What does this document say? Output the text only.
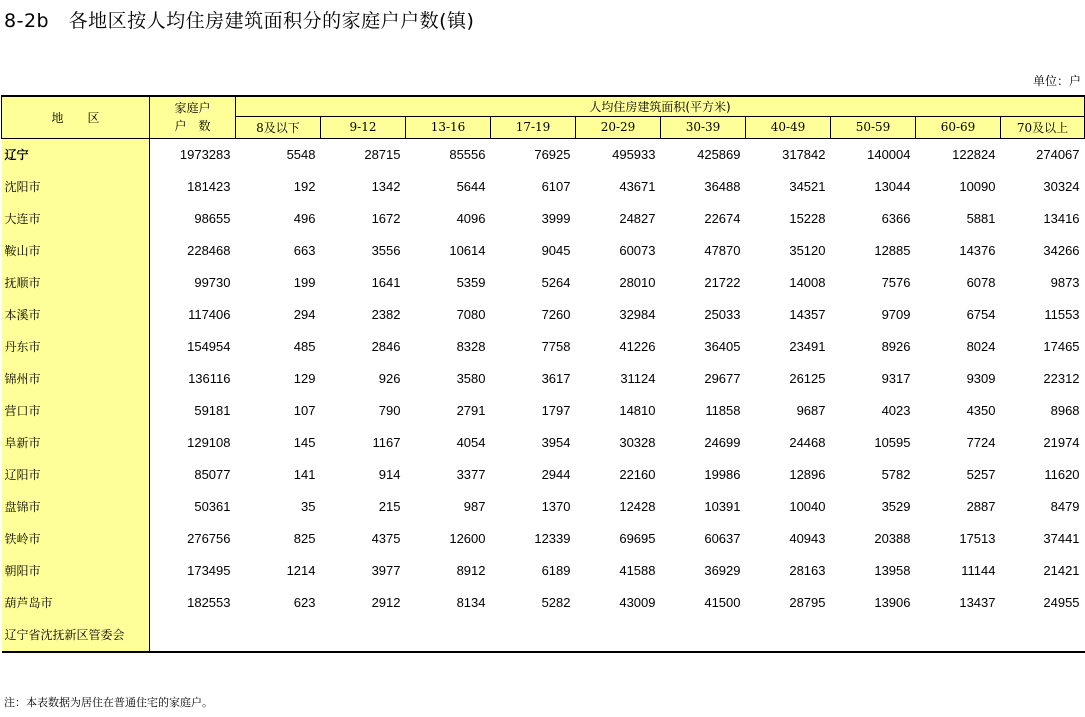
8-2b　各地区按人均住房建筑面积分的家庭户户数(镇)
单位：户
地　　区	家庭户
户　数	人均住房建筑面积(平方米)									
		8及以下	9-12	13-16	17-19	20-29	30-39	40-49	50-59	60-69	70及以上
辽宁	1973283	5548	28715	85556	76925	495933	425869	317842	140004	122824	274067
沈阳市	181423	192	1342	5644	6107	43671	36488	34521	13044	10090	30324
大连市	98655	496	1672	4096	3999	24827	22674	15228	6366	5881	13416
鞍山市	228468	663	3556	10614	9045	60073	47870	35120	12885	14376	34266
抚顺市	99730	199	1641	5359	5264	28010	21722	14008	7576	6078	9873
本溪市	117406	294	2382	7080	7260	32984	25033	14357	9709	6754	11553
丹东市	154954	485	2846	8328	7758	41226	36405	23491	8926	8024	17465
锦州市	136116	129	926	3580	3617	31124	29677	26125	9317	9309	22312
营口市	59181	107	790	2791	1797	14810	11858	9687	4023	4350	8968
阜新市	129108	145	1167	4054	3954	30328	24699	24468	10595	7724	21974
辽阳市	85077	141	914	3377	2944	22160	19986	12896	5782	5257	11620
盘锦市	50361	35	215	987	1370	12428	10391	10040	3529	2887	8479
铁岭市	276756	825	4375	12600	12339	69695	60637	40943	20388	17513	37441
朝阳市	173495	1214	3977	8912	6189	41588	36929	28163	13958	11144	21421
葫芦岛市	182553	623	2912	8134	5282	43009	41500	28795	13906	13437	24955
辽宁省沈抚新区管委会											
注：本表数据为居住在普通住宅的家庭户。
